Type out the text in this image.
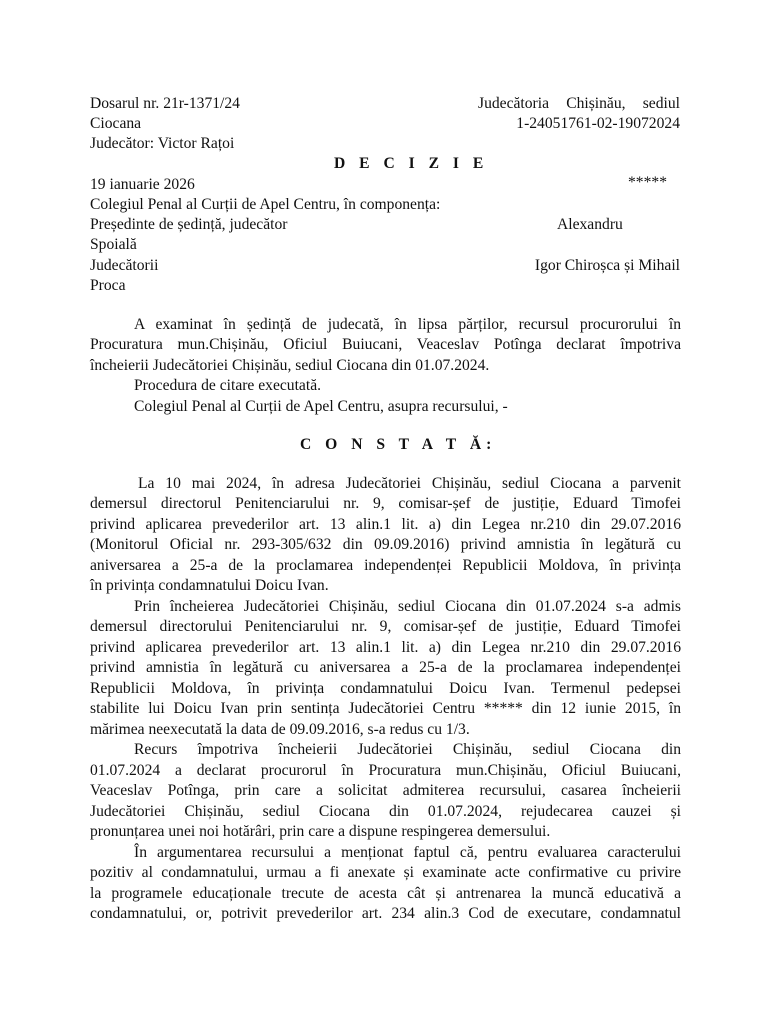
Dosarul nr. 21r-1371/24	Judecătoria Chișinău, sediul
Ciocana	1-24051761-02-19072024
Judecător: Victor Rațoi
D E C I Z I E
19 ianuarie 2026	*****
Colegiul Penal al Curții de Apel Centru, în componența:
Președinte de ședință, judecător	Alexandru
Spoială
Judecătorii	Igor Chiroșca și Mihail
Proca
A examinat în ședință de judecată, în lipsa părților, recursul procurorului în
Procuratura mun.Chișinău, Oficiul Buiucani, Veaceslav Potînga declarat împotriva
încheierii Judecătoriei Chișinău, sediul Ciocana din 01.07.2024.
Procedura de citare executată.
Colegiul Penal al Curții de Apel Centru, asupra recursului, -
C O N S T A T Ă:
La 10 mai 2024, în adresa Judecătoriei Chișinău, sediul Ciocana a parvenit
demersul directorul Penitenciarului nr. 9, comisar-șef de justiție, Eduard Timofei
privind aplicarea prevederilor art. 13 alin.1 lit. a) din Legea nr.210 din 29.07.2016
(Monitorul Oficial nr. 293-305/632 din 09.09.2016) privind amnistia în legătură cu
aniversarea a 25-a de la proclamarea independenței Republicii Moldova, în privința
în privința condamnatului Doicu Ivan.
Prin încheierea Judecătoriei Chișinău, sediul Ciocana din 01.07.2024 s-a admis
demersul directorului Penitenciarului nr. 9, comisar-șef de justiție, Eduard Timofei
privind aplicarea prevederilor art. 13 alin.1 lit. a) din Legea nr.210 din 29.07.2016
privind amnistia în legătură cu aniversarea a 25-a de la proclamarea independenței
Republicii Moldova, în privința condamnatului Doicu Ivan. Termenul pedepsei
stabilite lui Doicu Ivan prin sentința Judecătoriei Centru ***** din 12 iunie 2015, în
mărimea neexecutată la data de 09.09.2016, s-a redus cu 1/3.
Recurs împotriva încheierii Judecătoriei Chișinău, sediul Ciocana din
01.07.2024 a declarat procurorul în Procuratura mun.Chișinău, Oficiul Buiucani,
Veaceslav Potînga, prin care a solicitat admiterea recursului, casarea încheierii
Judecătoriei Chișinău, sediul Ciocana din 01.07.2024, rejudecarea cauzei și
pronunțarea unei noi hotărâri, prin care a dispune respingerea demersului.
În argumentarea recursului a menționat faptul că, pentru evaluarea caracterului
pozitiv al condamnatului, urmau a fi anexate și examinate acte confirmative cu privire
la programele educaționale trecute de acesta cât și antrenarea la muncă educativă a
condamnatului, or, potrivit prevederilor art. 234 alin.3 Cod de executare, condamnatul
